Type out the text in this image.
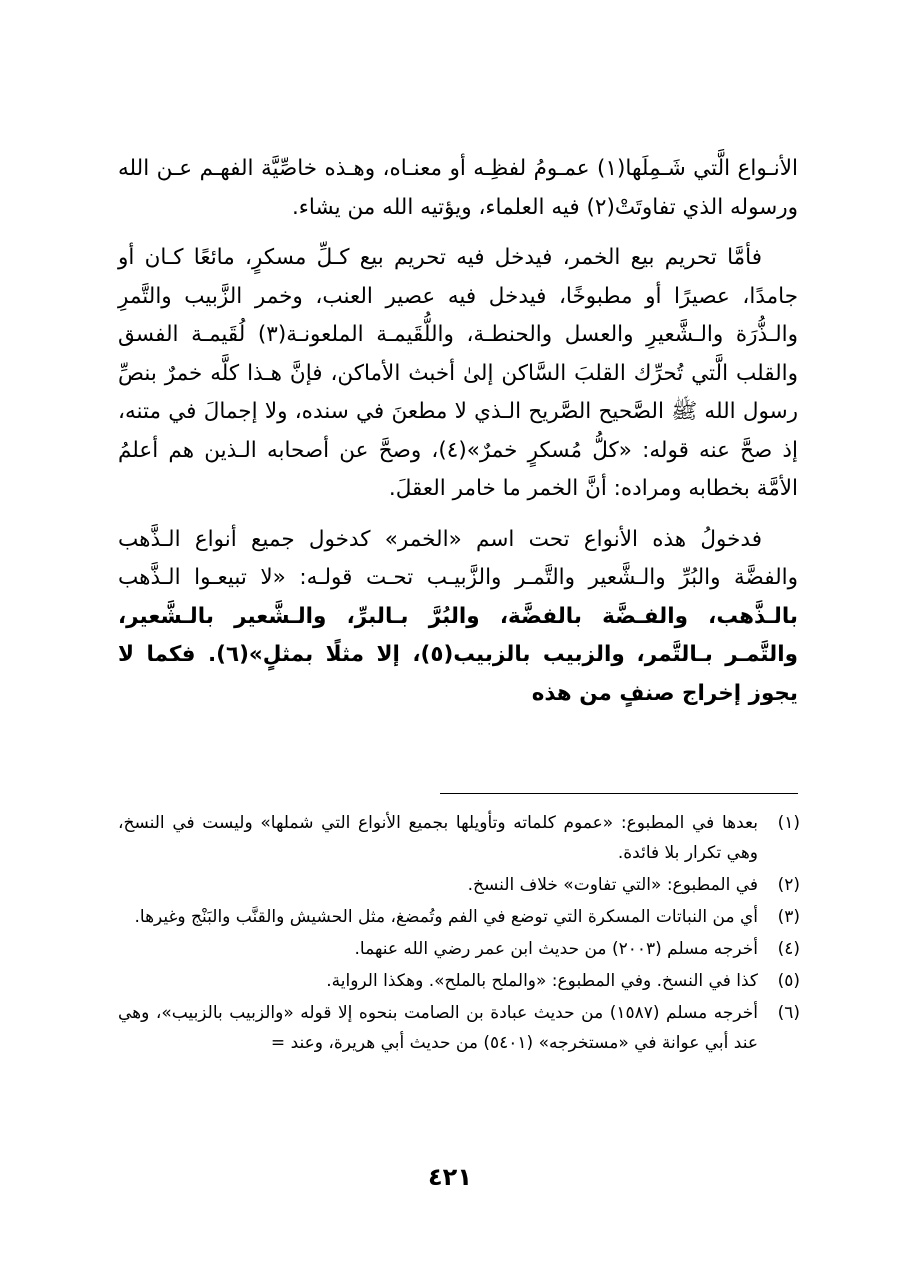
الأنـواع الَّتي شَـمِلَها(١) عمـومُ لفظِـه أو معنـاه، وهـذه خاصِّيَّة الفهـم عـن الله ورسوله الذي تفاوتَتْ(٢) فيه العلماء، ويؤتيه الله من يشاء.

فأمَّا تحريم بيع الخمر، فيدخل فيه تحريم بيع كـلِّ مسكرٍ، مائعًا كـان أو جامدًا، عصيرًا أو مطبوخًا، فيدخل فيه عصير العنب، وخمر الزَّبيب والتَّمرِ والـذُّرَة والـشَّعيرِ والعسل والحنطـة، واللُّقَيمـة الملعونـة(٣) لُقَيمـة الفسق والقلب الَّتي تُحرِّك القلبَ السَّاكن إلىٰ أخبث الأماكن، فإنَّ هـذا كلَّه خمرٌ بنصِّ رسول الله ﷺ الصَّحيح الصَّريح الـذي لا مطعنَ في سنده، ولا إجمالَ في متنه، إذ صحَّ عنه قوله: «كلُّ مُسكرٍ خمرٌ»(٤)، وصحَّ عن أصحابه الـذين هم أعلمُ الأمَّة بخطابه ومراده: أنَّ الخمر ما خامر العقلَ.

فدخولُ هذه الأنواع تحت اسم «الخمر» كدخول جميع أنواع الـذَّهب والفضَّة والبُرِّ والـشَّعير والتَّمـر والزَّبيـب تحـت قولـه: «لا تبيعـوا الـذَّهب بالـذَّهب، والفـضَّة بالفضَّة، والبُرَّ بـالبرِّ، والـشَّعير بالـشَّعير، والتَّمـر بـالتَّمر، والزبيب بالزبيب(٥)، إلا مثلًا بمثلٍ»(٦). فكما لا يجوز إخراج صنفٍ من هذه

(١)
بعدها في المطبوع: «عموم كلماته وتأويلها بجميع الأنواع التي شملها» وليست في النسخ، وهي تكرار بلا فائدة.
(٢)
في المطبوع: «التي تفاوت» خلاف النسخ.
(٣)
أي من النباتات المسكرة التي توضع في الفم وتُمضغ، مثل الحشيش والقنَّب والبَنْج وغيرها.
(٤)
أخرجه مسلم (٢٠٠٣) من حديث ابن عمر رضي الله عنهما.
(٥)
كذا في النسخ. وفي المطبوع: «والملح بالملح». وهكذا الرواية.
(٦)
أخرجه مسلم (١٥٨٧) من حديث عبادة بن الصامت بنحوه إلا قوله «والزبيب بالزبيب»، وهي عند أبي عوانة في «مستخرجه» (٥٤٠١) من حديث أبي هريرة، وعند =
٤٢١
